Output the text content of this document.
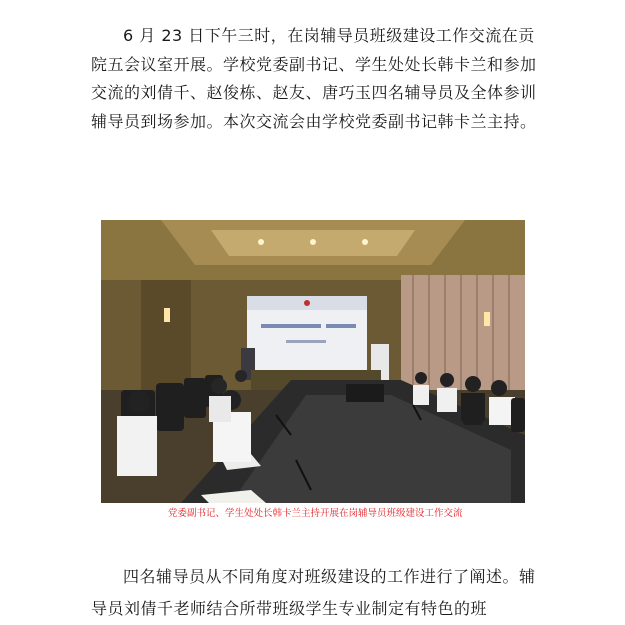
6 月 23 日下午三时，在岗辅导员班级建设工作交流在贡院五会议室开展。学校党委副书记、学生处处长韩卡兰和参加交流的刘倩千、赵俊栋、赵友、唐巧玉四名辅导员及全体参训辅导员到场参加。本次交流会由学校党委副书记韩卡兰主持。

党委副书记、学生处处长韩卡兰主持开展在岗辅导员班级建设工作交流

四名辅导员从不同角度对班级建设的工作进行了阐述。辅导员刘倩千老师结合所带班级学生专业制定有特色的班
